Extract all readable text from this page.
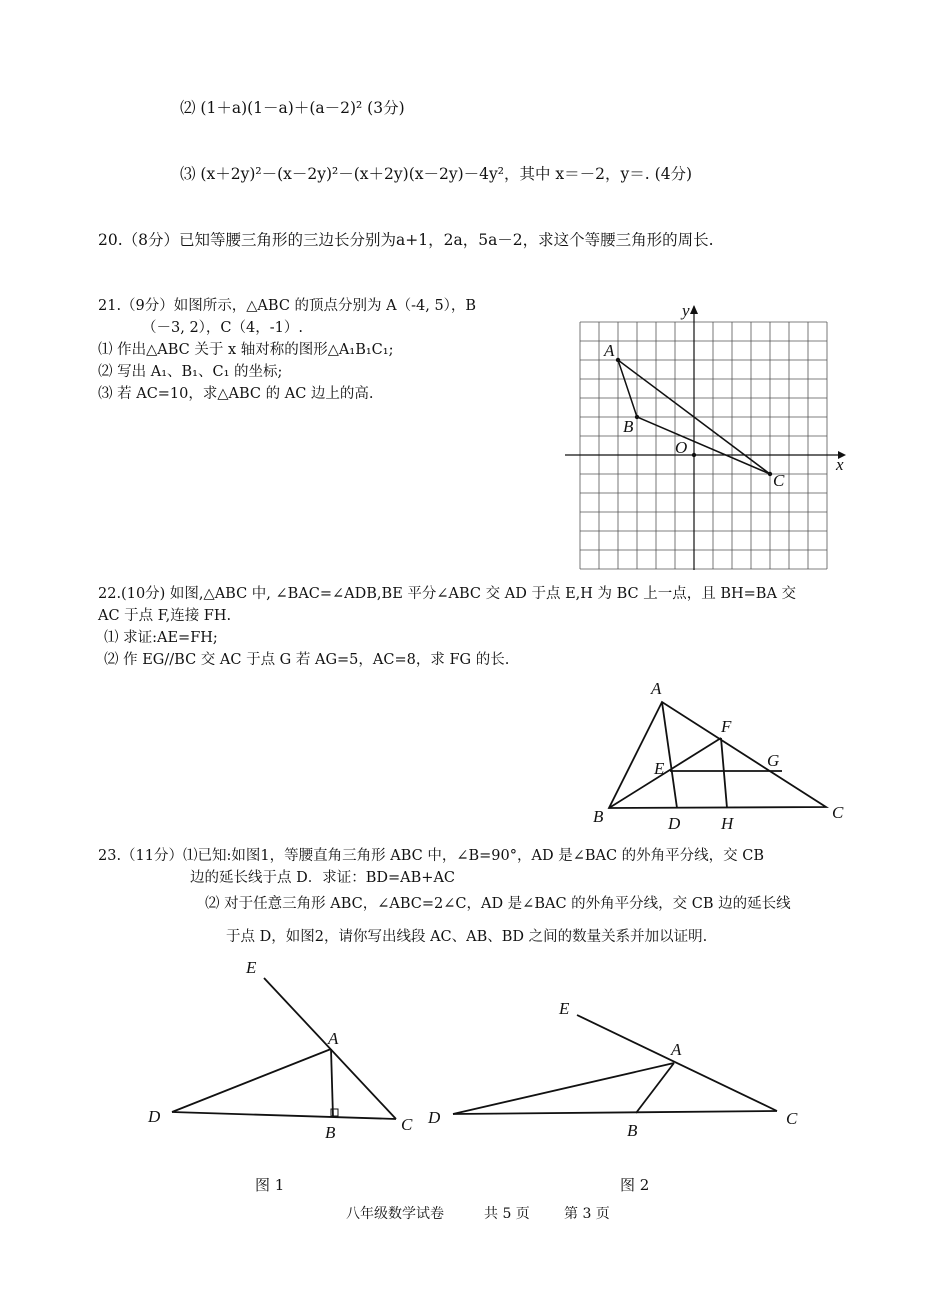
⑵ (1＋a)(1－a)＋(a－2)² (3分)
⑶ (x＋2y)²－(x－2y)²－(x＋2y)(x－2y)－4y²，其中 x＝－2，y＝. (4分)
20.（8分）已知等腰三角形的三边长分别为a+1，2a，5a－2，求这个等腰三角形的周长.
21.（9分）如图所示，△ABC 的顶点分别为 A（-4, 5），B
（－3, 2），C（4，-1）.
⑴ 作出△ABC 关于 x 轴对称的图形△A₁B₁C₁;
⑵ 写出 A₁、B₁、C₁ 的坐标;
⑶ 若 AC=10，求△ABC 的 AC 边上的高.
x
y
O
A
B
C
22.(10分) 如图,△ABC 中, ∠BAC=∠ADB,BE 平分∠ABC 交 AD 于点 E,H 为 BC 上一点，且 BH=BA 交
AC 于点 F,连接 FH.
⑴ 求证:AE=FH;
⑵ 作 EG//BC 交 AC 于点 G 若 AG=5，AC=8，求 FG 的长.
A
B	C
D
E
F
G
H
23.（11分）⑴已知:如图1，等腰直角三角形 ABC 中，∠B=90°，AD 是∠BAC 的外角平分线，交 CB
边的延长线于点 D．求证：BD=AB+AC
⑵ 对于任意三角形 ABC，∠ABC=2∠C，AD 是∠BAC 的外角平分线，交 CB 边的延长线
于点 D，如图2，请你写出线段 AC、AB、BD 之间的数量关系并加以证明.
E
A
D
B	C
图 1
E
A
D
B
C
图 2
八年级数学试卷	共 5 页 第 3 页
